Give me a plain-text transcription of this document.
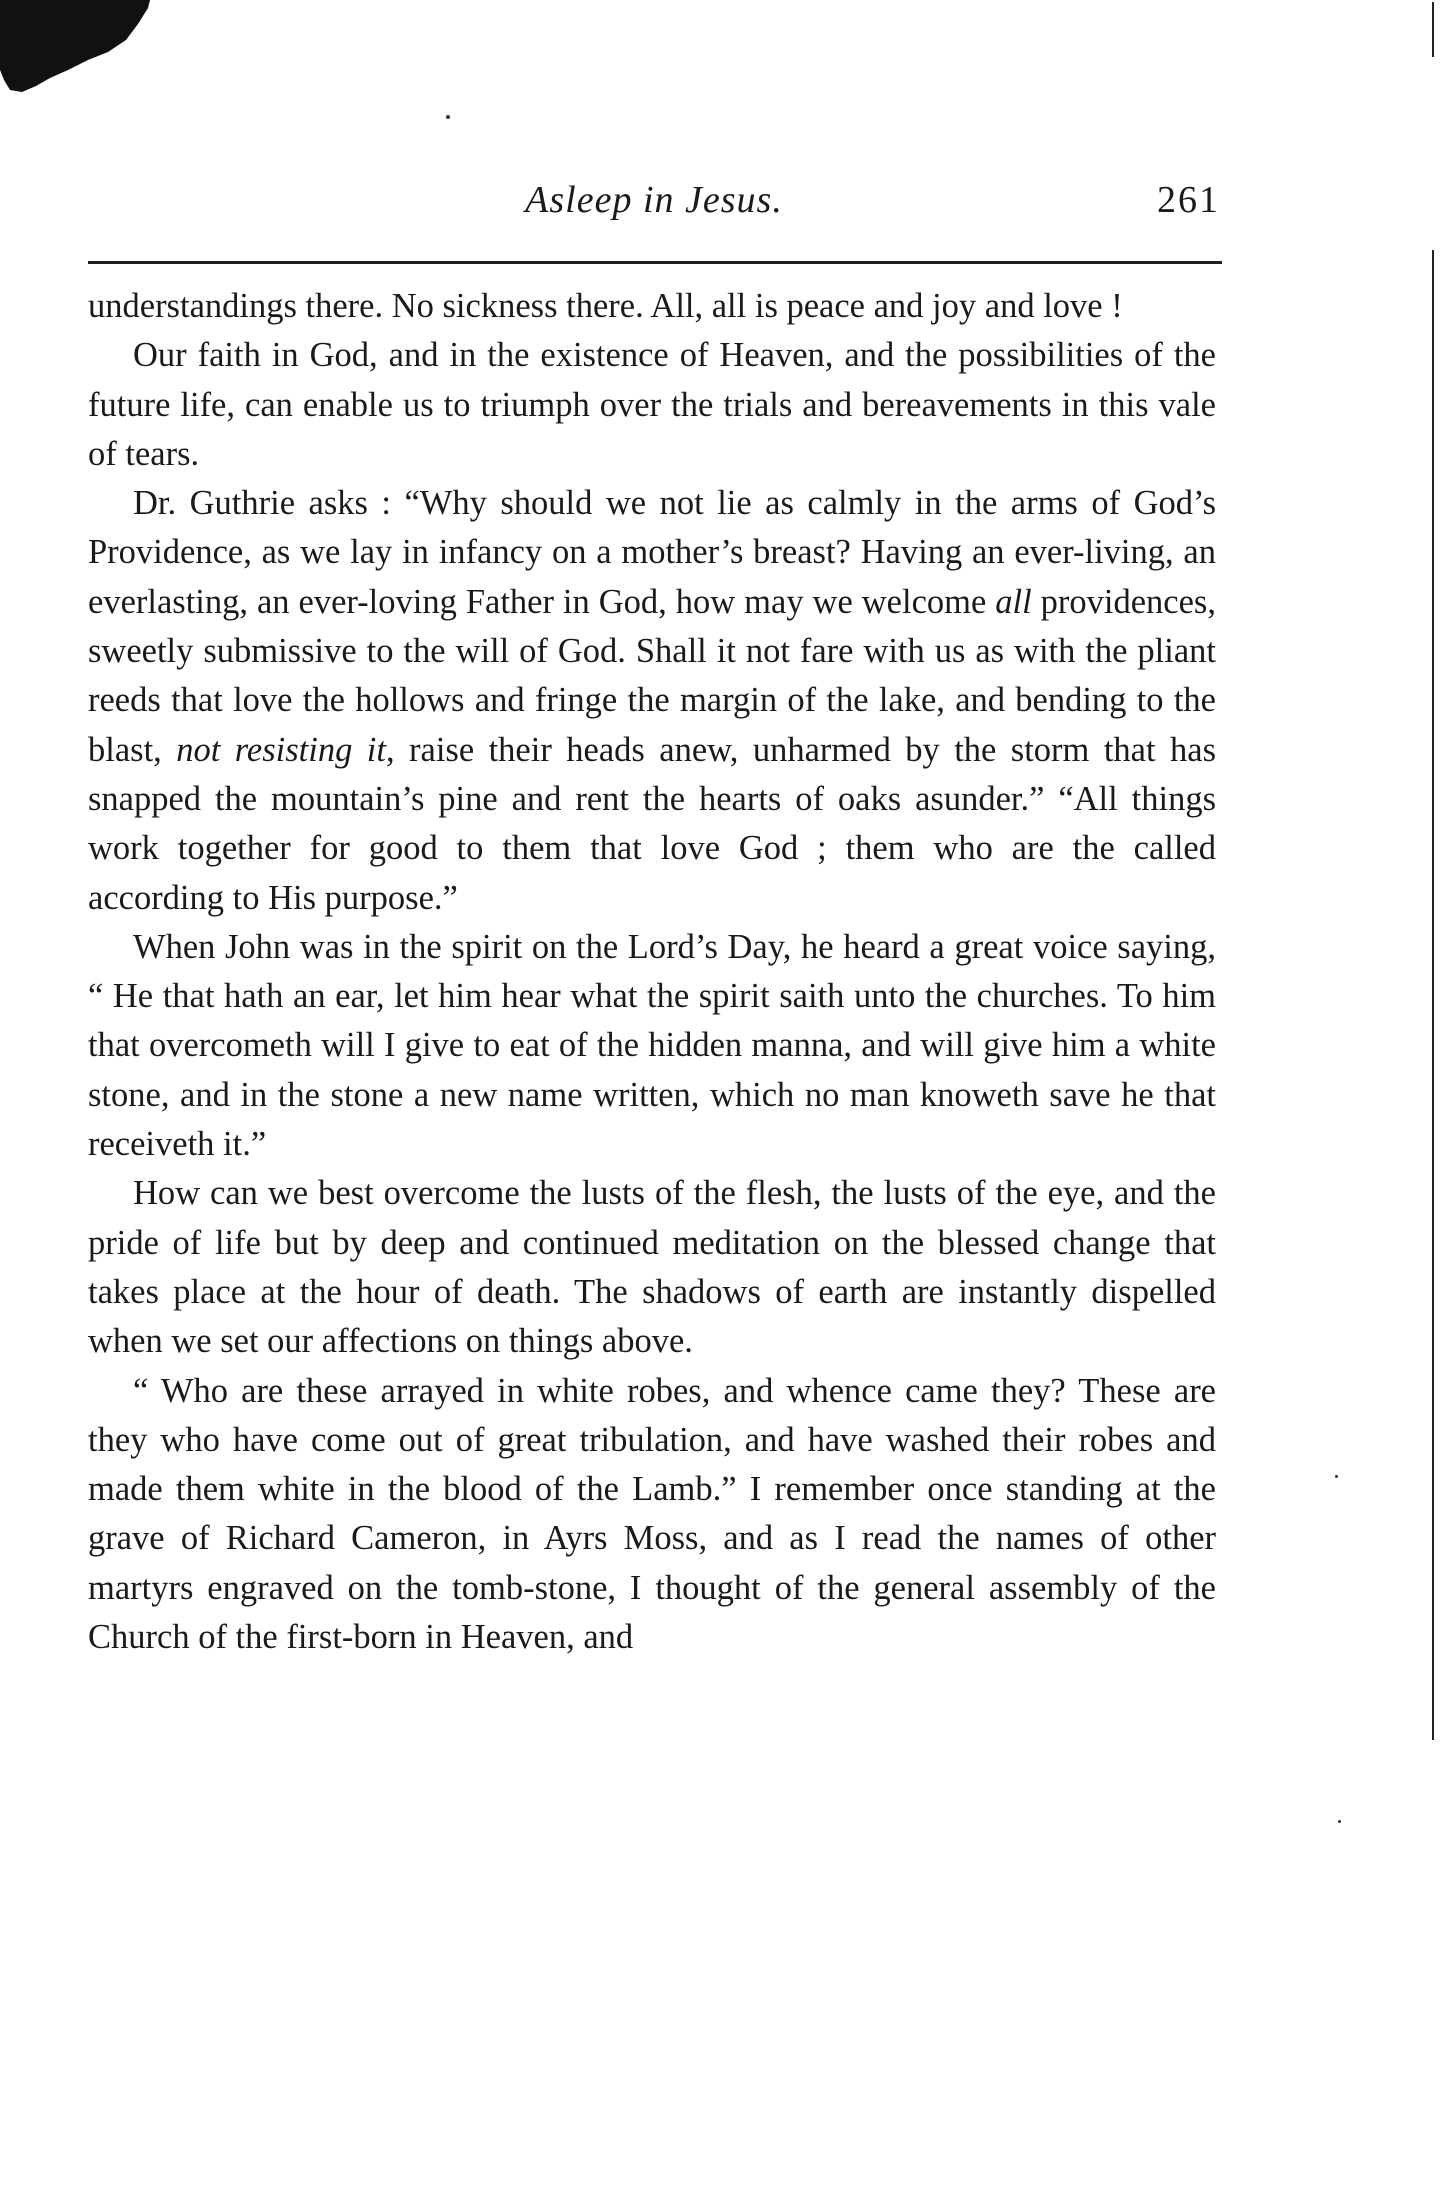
Asleep in Jesus.	261

understandings there. No sickness there. All, all is peace and joy and love !

Our faith in God, and in the existence of Heaven, and the possibilities of the future life, can enable us to triumph over the trials and bereavements in this vale of tears.

Dr. Guthrie asks : “Why should we not lie as calmly in the arms of God’s Providence, as we lay in infancy on a mother’s breast? Having an ever-living, an everlasting, an ever-loving Father in God, how may we welcome all providences, sweetly submissive to the will of God. Shall it not fare with us as with the pliant reeds that love the hollows and fringe the margin of the lake, and bending to the blast, not resisting it, raise their heads anew, unharmed by the storm that has snapped the mountain’s pine and rent the hearts of oaks asunder.” “All things work together for good to them that love God ; them who are the called according to His purpose.”

When John was in the spirit on the Lord’s Day, he heard a great voice saying, “ He that hath an ear, let him hear what the spirit saith unto the churches. To him that overcometh will I give to eat of the hidden manna, and will give him a white stone, and in the stone a new name written, which no man knoweth save he that receiveth it.”

How can we best overcome the lusts of the flesh, the lusts of the eye, and the pride of life but by deep and continued meditation on the blessed change that takes place at the hour of death. The shadows of earth are instantly dispelled when we set our affections on things above.

“ Who are these arrayed in white robes, and whence came they? These are they who have come out of great tribulation, and have washed their robes and made them white in the blood of the Lamb.” I remember once standing at the grave of Richard Cameron, in Ayrs Moss, and as I read the names of other martyrs engraved on the tomb-stone, I thought of the general assembly of the Church of the first-born in Heaven, and
